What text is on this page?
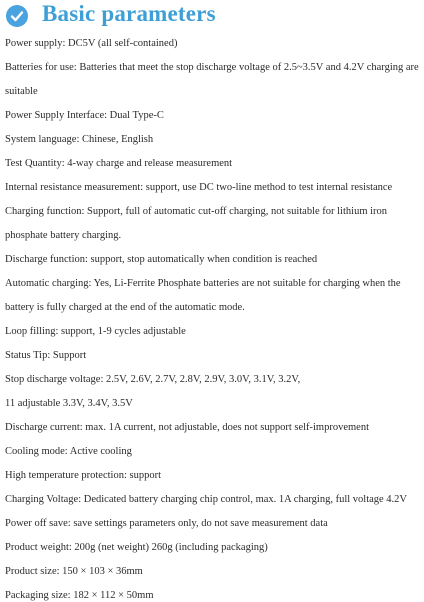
Basic parameters
Power supply: DC5V (all self-contained)
Batteries for use: Batteries that meet the stop discharge voltage of 2.5~3.5V and 4.2V charging are
suitable
Power Supply Interface: Dual Type-C
System language: Chinese, English
Test Quantity: 4-way charge and release measurement
Internal resistance measurement: support, use DC two-line method to test internal resistance
Charging function: Support, full of automatic cut-off charging, not suitable for lithium iron
phosphate battery charging.
Discharge function: support, stop automatically when condition is reached
Automatic charging: Yes, Li-Ferrite Phosphate batteries are not suitable for charging when the
battery is fully charged at the end of the automatic mode.
Loop filling: support, 1-9 cycles adjustable
Status Tip: Support
Stop discharge voltage: 2.5V, 2.6V, 2.7V, 2.8V, 2.9V, 3.0V, 3.1V, 3.2V,
11 adjustable 3.3V, 3.4V, 3.5V
Discharge current: max. 1A current, not adjustable, does not support self-improvement
Cooling mode: Active cooling
High temperature protection: support
Charging Voltage: Dedicated battery charging chip control, max. 1A charging, full voltage 4.2V
Power off save: save settings parameters only, do not save measurement data
Product weight: 200g (net weight) 260g (including packaging)
Product size: 150 × 103 × 36mm
Packaging size: 182 × 112 × 50mm
